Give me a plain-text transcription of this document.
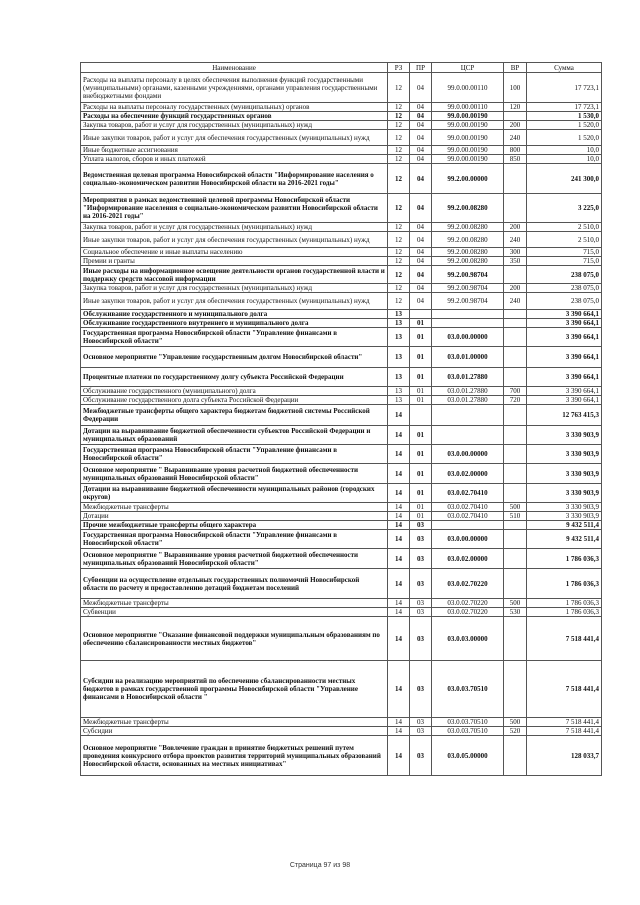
Наименование	РЗ	ПР	ЦСР	ВР	Сумма
Расходы на выплаты персоналу в целях обеспечения выполнения функций государственными (муниципальными) органами, казенными учреждениями, органами управления государственными внебюджетными фондами	12	04	99.0.00.00110	100	17 723,1
Расходы на выплаты персоналу государственных (муниципальных) органов	12	04	99.0.00.00110	120	17 723,1
Расходы на обеспечение функций государственных органов	12	04	99.0.00.00190		1 530,0
Закупка товаров, работ и услуг для государственных (муниципальных) нужд	12	04	99.0.00.00190	200	1 520,0
Иные закупки товаров, работ и услуг для обеспечения государственных (муниципальных) нужд	12	04	99.0.00.00190	240	1 520,0
Иные бюджетные ассигнования	12	04	99.0.00.00190	800	10,0
Уплата налогов, сборов и иных платежей	12	04	99.0.00.00190	850	10,0
Ведомственная целевая программа Новосибирской области "Информирование населения о социально-экономическом развитии Новосибирской области на 2016-2021 годы"	12	04	99.2.00.00000		241 300,0
Мероприятия в рамках ведомственной целевой программы Новосибирской области "Информирование населения о социально-экономическом развитии Новосибирской области на 2016-2021 годы"	12	04	99.2.00.08280		3 225,0
Закупка товаров, работ и услуг для государственных (муниципальных) нужд	12	04	99.2.00.08280	200	2 510,0
Иные закупки товаров, работ и услуг для обеспечения государственных (муниципальных) нужд	12	04	99.2.00.08280	240	2 510,0
Социальное обеспечение и иные выплаты населению	12	04	99.2.00.08280	300	715,0
Премии и гранты	12	04	99.2.00.08280	350	715,0
Иные расходы на информационное освещение деятельности органов государственной власти и поддержку средств массовой информации	12	04	99.2.00.98704		238 075,0
Закупка товаров, работ и услуг для государственных (муниципальных) нужд	12	04	99.2.00.98704	200	238 075,0
Иные закупки товаров, работ и услуг для обеспечения государственных (муниципальных) нужд	12	04	99.2.00.98704	240	238 075,0
Обслуживание государственного и муниципального долга	13				3 390 664,1
Обслуживание государственного внутреннего и муниципального долга	13	01			3 390 664,1
Государственная программа Новосибирской области "Управление финансами в Новосибирской области"	13	01	03.0.00.00000		3 390 664,1
Основное мероприятие "Управление государственным долгом Новосибирской области"	13	01	03.0.01.00000		3 390 664,1
Процентные платежи по государственному долгу субъекта Российской Федерации	13	01	03.0.01.27880		3 390 664,1
Обслуживание государственного (муниципального) долга	13	01	03.0.01.27880	700	3 390 664,1
Обслуживание государственного долга субъекта Российской Федерации	13	01	03.0.01.27880	720	3 390 664,1
Межбюджетные трансферты общего характера бюджетам бюджетной системы Российской Федерации	14				12 763 415,3
Дотации на выравнивание бюджетной обеспеченности субъектов Российской Федерации и муниципальных образований	14	01			3 330 903,9
Государственная программа Новосибирской области "Управление финансами в Новосибирской области"	14	01	03.0.00.00000		3 330 903,9
Основное мероприятие " Выравнивание уровня расчетной бюджетной обеспеченности муниципальных образований Новосибирской области"	14	01	03.0.02.00000		3 330 903,9
Дотации на выравнивание бюджетной обеспеченности муниципальных районов (городских округов)	14	01	03.0.02.70410		3 330 903,9
Межбюджетные трансферты	14	01	03.0.02.70410	500	3 330 903,9
Дотации	14	01	03.0.02.70410	510	3 330 903,9
Прочие межбюджетные трансферты общего характера	14	03			9 432 511,4
Государственная программа Новосибирской области "Управление финансами в Новосибирской области"	14	03	03.0.00.00000		9 432 511,4
Основное мероприятие " Выравнивание уровня расчетной бюджетной обеспеченности муниципальных образований Новосибирской области"	14	03	03.0.02.00000		1 786 036,3
Субвенции на осуществление отдельных государственных полномочий Новосибирской области по расчету и предоставлению дотаций бюджетам поселений	14	03	03.0.02.70220		1 786 036,3
Межбюджетные трансферты	14	03	03.0.02.70220	500	1 786 036,3
Субвенции	14	03	03.0.02.70220	530	1 786 036,3
Основное мероприятие "Оказание финансовой поддержки муниципальным образованиям по обеспечению сбалансированности местных бюджетов"	14	03	03.0.03.00000		7 518 441,4
Субсидии на реализацию мероприятий по обеспечению сбалансированности местных бюджетов в рамках государственной программы Новосибирской области "Управление финансами в Новосибирской области "	14	03	03.0.03.70510		7 518 441,4
Межбюджетные трансферты	14	03	03.0.03.70510	500	7 518 441,4
Субсидии	14	03	03.0.03.70510	520	7 518 441,4
Основное мероприятие "Вовлечение граждан в принятие бюджетных решений путем проведения конкурсного отбора проектов развития территорий муниципальных образований Новосибирской области, основанных на местных инициативах"	14	03	03.0.05.00000		128 033,7
Страница 97 из 98
